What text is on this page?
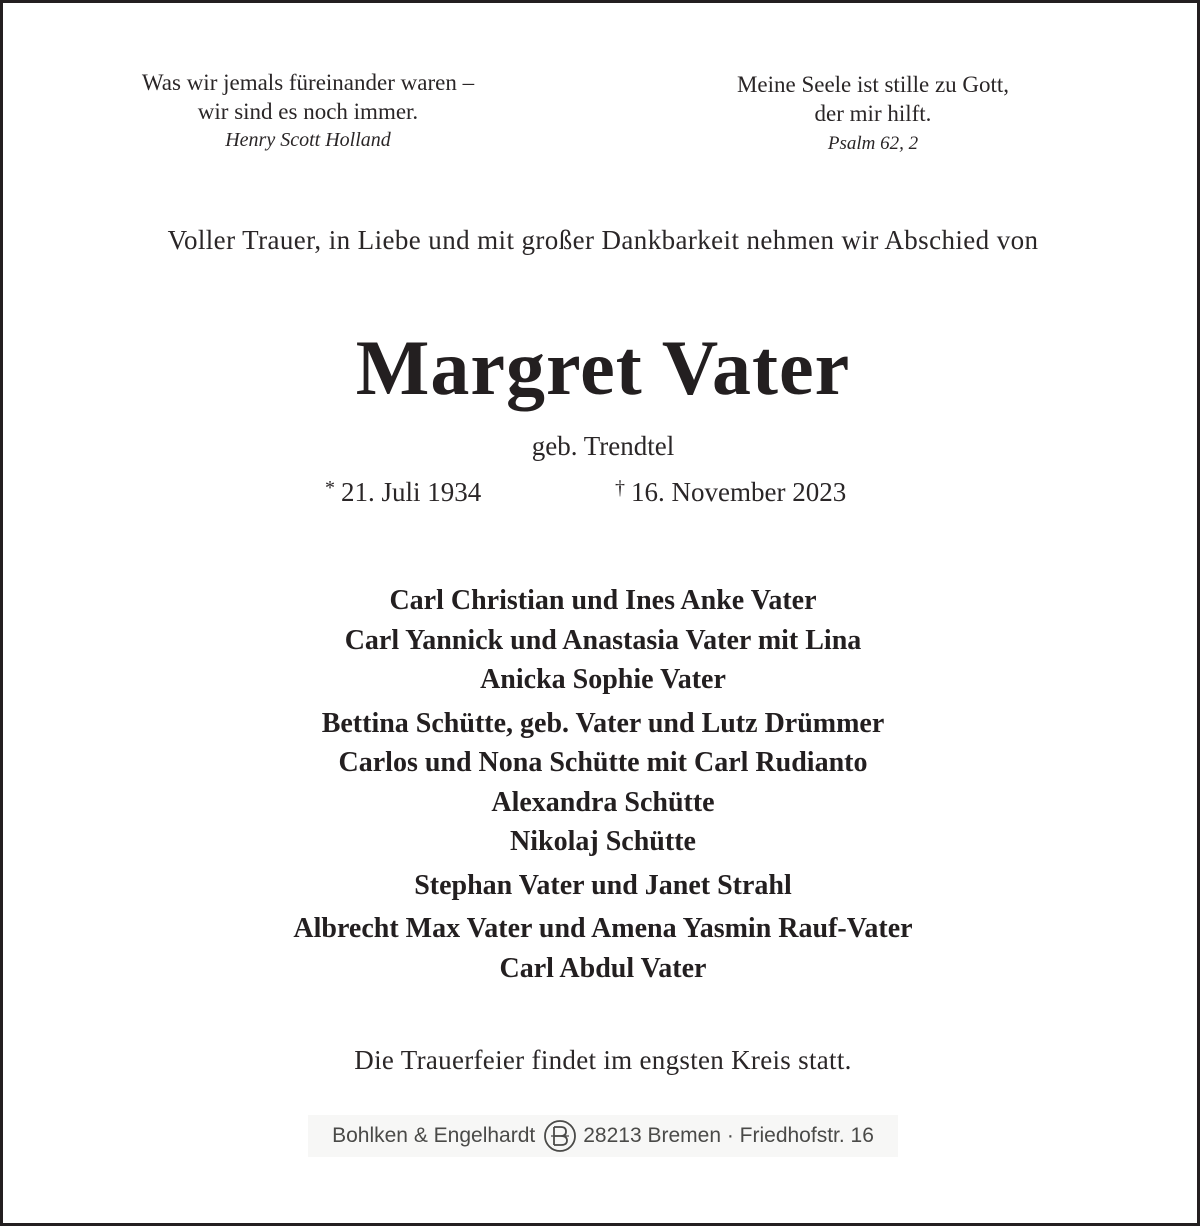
Was wir jemals füreinander waren –
wir sind es noch immer.
Henry Scott Holland
Meine Seele ist stille zu Gott,
der mir hilft.
Psalm 62, 2
Voller Trauer, in Liebe und mit großer Dankbarkeit nehmen wir Abschied von
Margret Vater
geb. Trendtel
* 21. Juli 1934	† 16. November 2023
Carl Christian und Ines Anke Vater
Carl Yannick und Anastasia Vater mit Lina
Anicka Sophie Vater
Bettina Schütte, geb. Vater und Lutz Drümmer
Carlos und Nona Schütte mit Carl Rudianto
Alexandra Schütte
Nikolaj Schütte
Stephan Vater und Janet Strahl
Albrecht Max Vater und Amena Yasmin Rauf-Vater
Carl Abdul Vater
Die Trauerfeier findet im engsten Kreis statt.
Bohlken & Engelhardt 28213 Bremen · Friedhofstr. 16
